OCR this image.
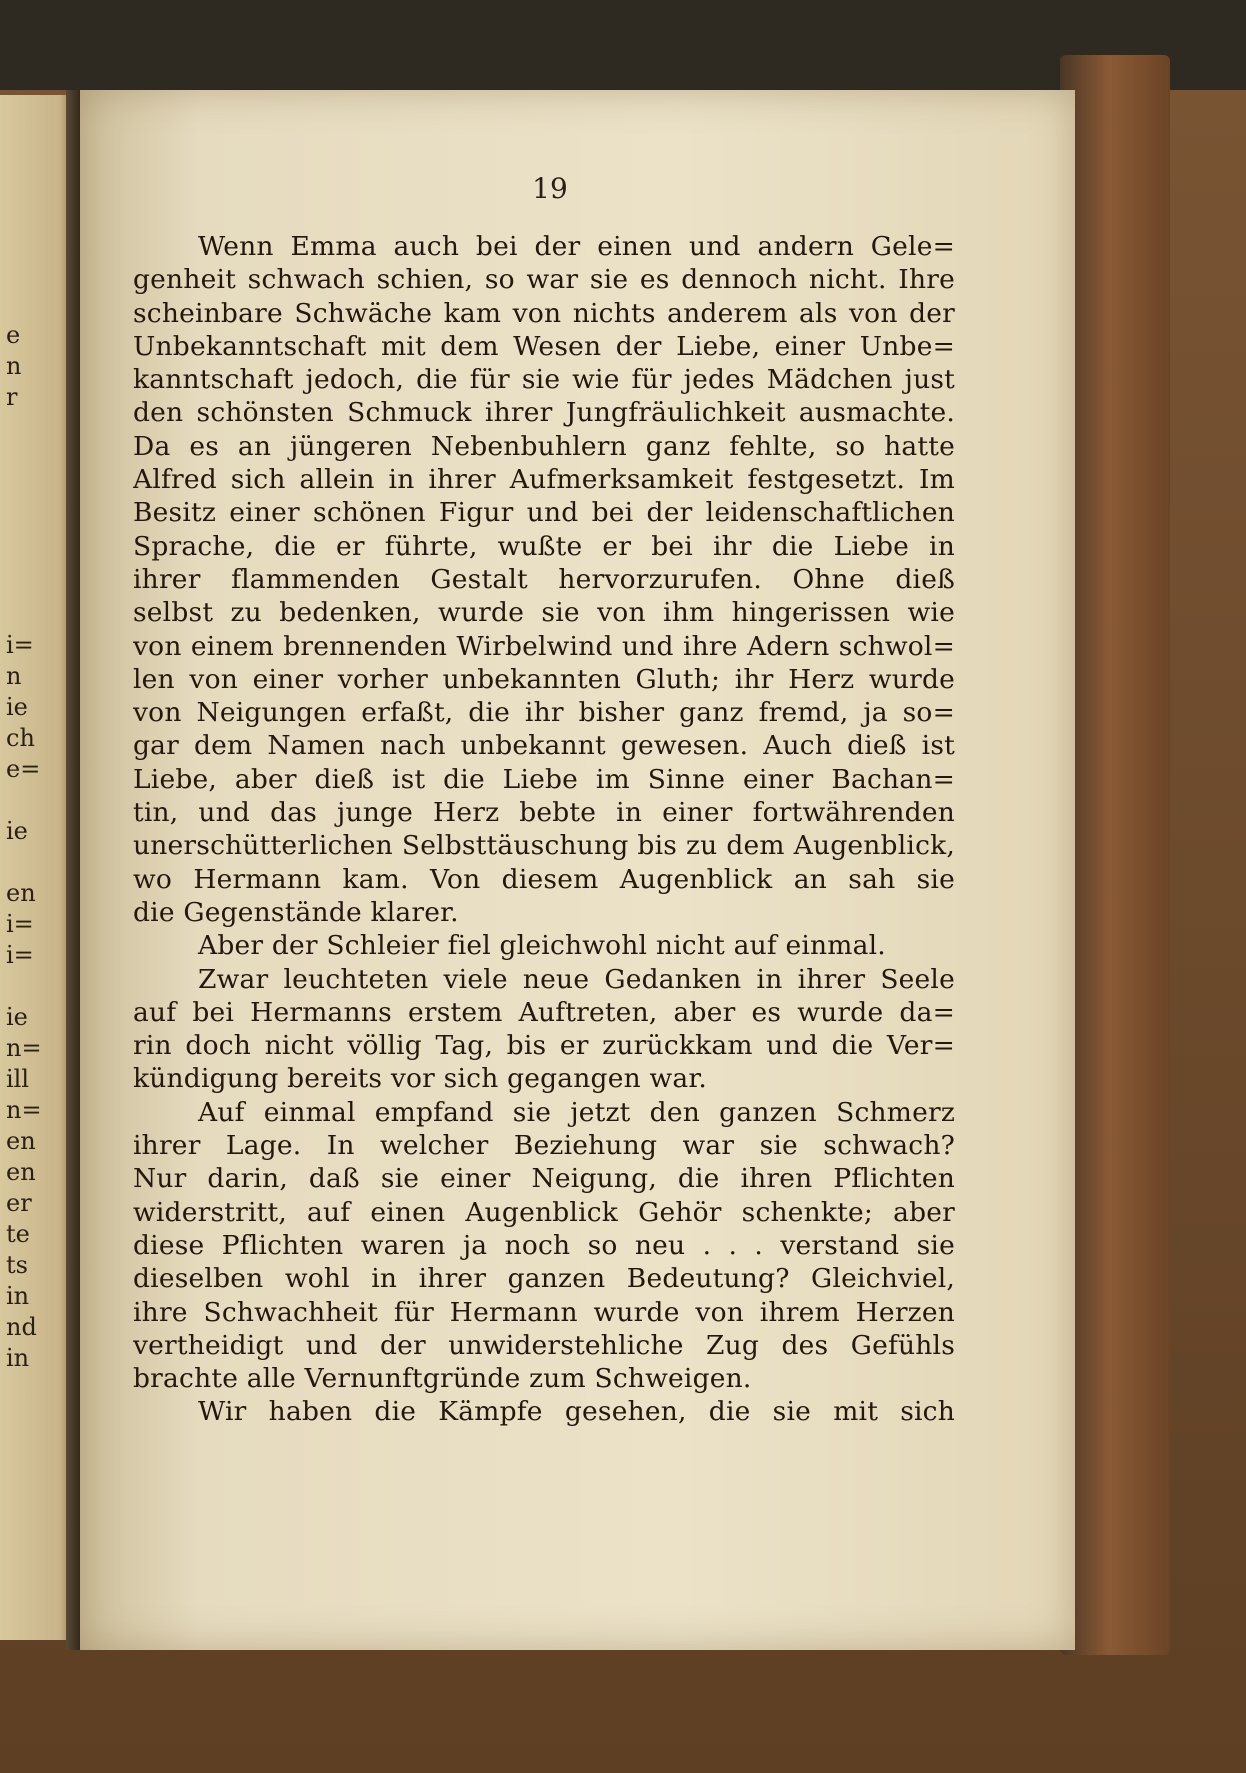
e
n
r
i=
n
ie
ch
e=
ie
en
i=
i=
ie
n=
ill
n=
en
en
er
te
ts
in
nd
in
19
Wenn Emma auch bei der einen und andern Gele=
genheit schwach schien, so war sie es dennoch nicht. Ihre
scheinbare Schwäche kam von nichts anderem als von der
Unbekanntschaft mit dem Wesen der Liebe, einer Unbe=
kanntschaft jedoch, die für sie wie für jedes Mädchen just
den schönsten Schmuck ihrer Jungfräulichkeit ausmachte.
Da es an jüngeren Nebenbuhlern ganz fehlte, so hatte
Alfred sich allein in ihrer Aufmerksamkeit festgesetzt. Im
Besitz einer schönen Figur und bei der leidenschaftlichen
Sprache, die er führte, wußte er bei ihr die Liebe in
ihrer flammenden Gestalt hervorzurufen. Ohne dieß
selbst zu bedenken, wurde sie von ihm hingerissen wie
von einem brennenden Wirbelwind und ihre Adern schwol=
len von einer vorher unbekannten Gluth; ihr Herz wurde
von Neigungen erfaßt, die ihr bisher ganz fremd, ja so=
gar dem Namen nach unbekannt gewesen. Auch dieß ist
Liebe, aber dieß ist die Liebe im Sinne einer Bachan=
tin, und das junge Herz bebte in einer fortwährenden
unerschütterlichen Selbsttäuschung bis zu dem Augenblick,
wo Hermann kam. Von diesem Augenblick an sah sie
die Gegenstände klarer.
Aber der Schleier fiel gleichwohl nicht auf einmal.
Zwar leuchteten viele neue Gedanken in ihrer Seele
auf bei Hermanns erstem Auftreten, aber es wurde da=
rin doch nicht völlig Tag, bis er zurückkam und die Ver=
kündigung bereits vor sich gegangen war.
Auf einmal empfand sie jetzt den ganzen Schmerz
ihrer Lage. In welcher Beziehung war sie schwach?
Nur darin, daß sie einer Neigung, die ihren Pflichten
widerstritt, auf einen Augenblick Gehör schenkte; aber
diese Pflichten waren ja noch so neu . . . verstand sie
dieselben wohl in ihrer ganzen Bedeutung? Gleichviel,
ihre Schwachheit für Hermann wurde von ihrem Herzen
vertheidigt und der unwiderstehliche Zug des Gefühls
brachte alle Vernunftgründe zum Schweigen.
Wir haben die Kämpfe gesehen, die sie mit sich
